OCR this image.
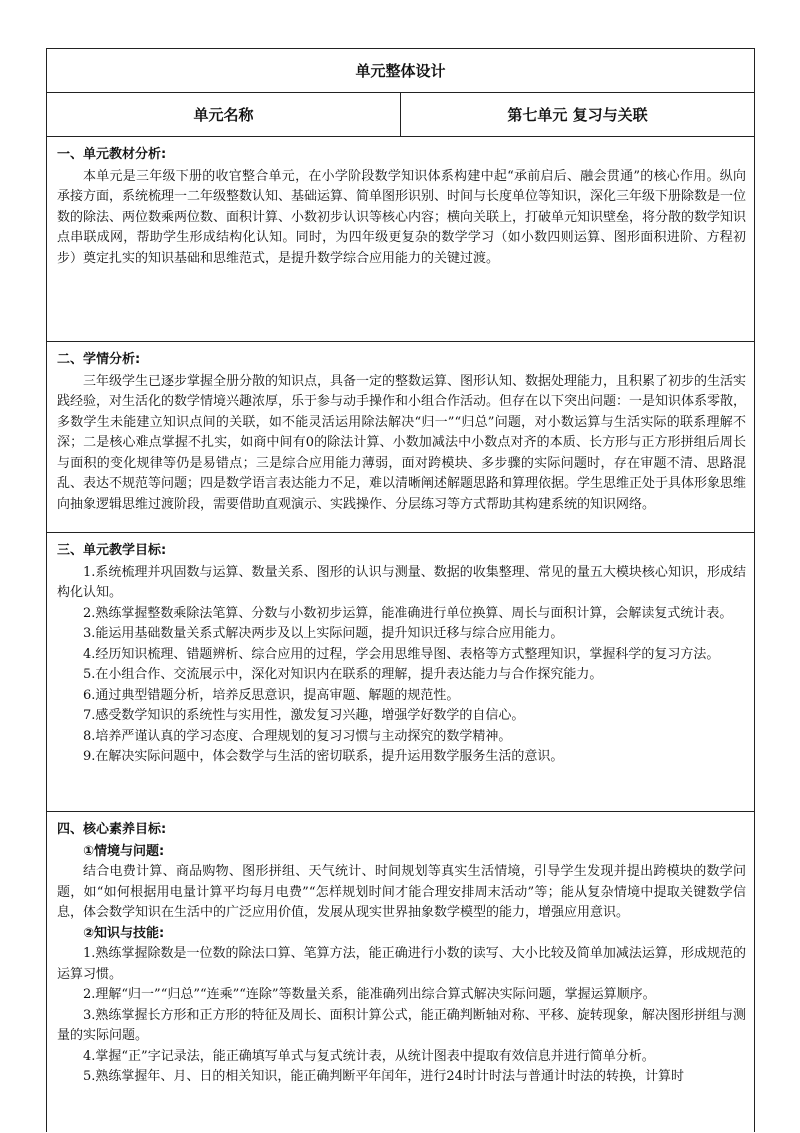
单元整体设计
单元名称	第七单元 复习与关联
一、单元教材分析:

本单元是三年级下册的收官整合单元，在小学阶段数学知识体系构建中起“承前启后、融会贯通”的核心作用。纵向承接方面，系统梳理一二年级整数认知、基础运算、简单图形识别、时间与长度单位等知识，深化三年级下册除数是一位数的除法、两位数乘两位数、面积计算、小数初步认识等核心内容；横向关联上，打破单元知识壁垒，将分散的数学知识点串联成网，帮助学生形成结构化认知。同时，为四年级更复杂的数学学习（如小数四则运算、图形面积进阶、方程初步）奠定扎实的知识基础和思维范式，是提升数学综合应用能力的关键过渡。

二、学情分析:

三年级学生已逐步掌握全册分散的知识点，具备一定的整数运算、图形认知、数据处理能力，且积累了初步的生活实践经验，对生活化的数学情境兴趣浓厚，乐于参与动手操作和小组合作活动。但存在以下突出问题：一是知识体系零散，多数学生未能建立知识点间的关联，如不能灵活运用除法解决“归一”“归总”问题，对小数运算与生活实际的联系理解不深；二是核心难点掌握不扎实，如商中间有0的除法计算、小数加减法中小数点对齐的本质、长方形与正方形拼组后周长与面积的变化规律等仍是易错点；三是综合应用能力薄弱，面对跨模块、多步骤的实际问题时，存在审题不清、思路混乱、表达不规范等问题；四是数学语言表达能力不足，难以清晰阐述解题思路和算理依据。学生思维正处于具体形象思维向抽象逻辑思维过渡阶段，需要借助直观演示、实践操作、分层练习等方式帮助其构建系统的知识网络。

三、单元教学目标:

1.系统梳理并巩固数与运算、数量关系、图形的认识与测量、数据的收集整理、常见的量五大模块核心知识，形成结构化认知。

2.熟练掌握整数乘除法笔算、分数与小数初步运算，能准确进行单位换算、周长与面积计算，会解读复式统计表。

3.能运用基础数量关系式解决两步及以上实际问题，提升知识迁移与综合应用能力。

4.经历知识梳理、错题辨析、综合应用的过程，学会用思维导图、表格等方式整理知识，掌握科学的复习方法。

5.在小组合作、交流展示中，深化对知识内在联系的理解，提升表达能力与合作探究能力。

6.通过典型错题分析，培养反思意识，提高审题、解题的规范性。

7.感受数学知识的系统性与实用性，激发复习兴趣，增强学好数学的自信心。

8.培养严谨认真的学习态度、合理规划的复习习惯与主动探究的数学精神。

9.在解决实际问题中，体会数学与生活的密切联系，提升运用数学服务生活的意识。

四、核心素养目标:
①情境与问题:

结合电费计算、商品购物、图形拼组、天气统计、时间规划等真实生活情境，引导学生发现并提出跨模块的数学问题，如“如何根据用电量计算平均每月电费”“怎样规划时间才能合理安排周末活动”等；能从复杂情境中提取关键数学信息，体会数学知识在生活中的广泛应用价值，发展从现实世界抽象数学模型的能力，增强应用意识。

②知识与技能:

1.熟练掌握除数是一位数的除法口算、笔算方法，能正确进行小数的读写、大小比较及简单加减法运算，形成规范的运算习惯。

2.理解“归一”“归总”“连乘”“连除”等数量关系，能准确列出综合算式解决实际问题，掌握运算顺序。

3.熟练掌握长方形和正方形的特征及周长、面积计算公式，能正确判断轴对称、平移、旋转现象，解决图形拼组与测量的实际问题。

4.掌握“正”字记录法，能正确填写单式与复式统计表，从统计图表中提取有效信息并进行简单分析。

5.熟练掌握年、月、日的相关知识，能正确判断平年闰年，进行24时计时法与普通计时法的转换，计算时
